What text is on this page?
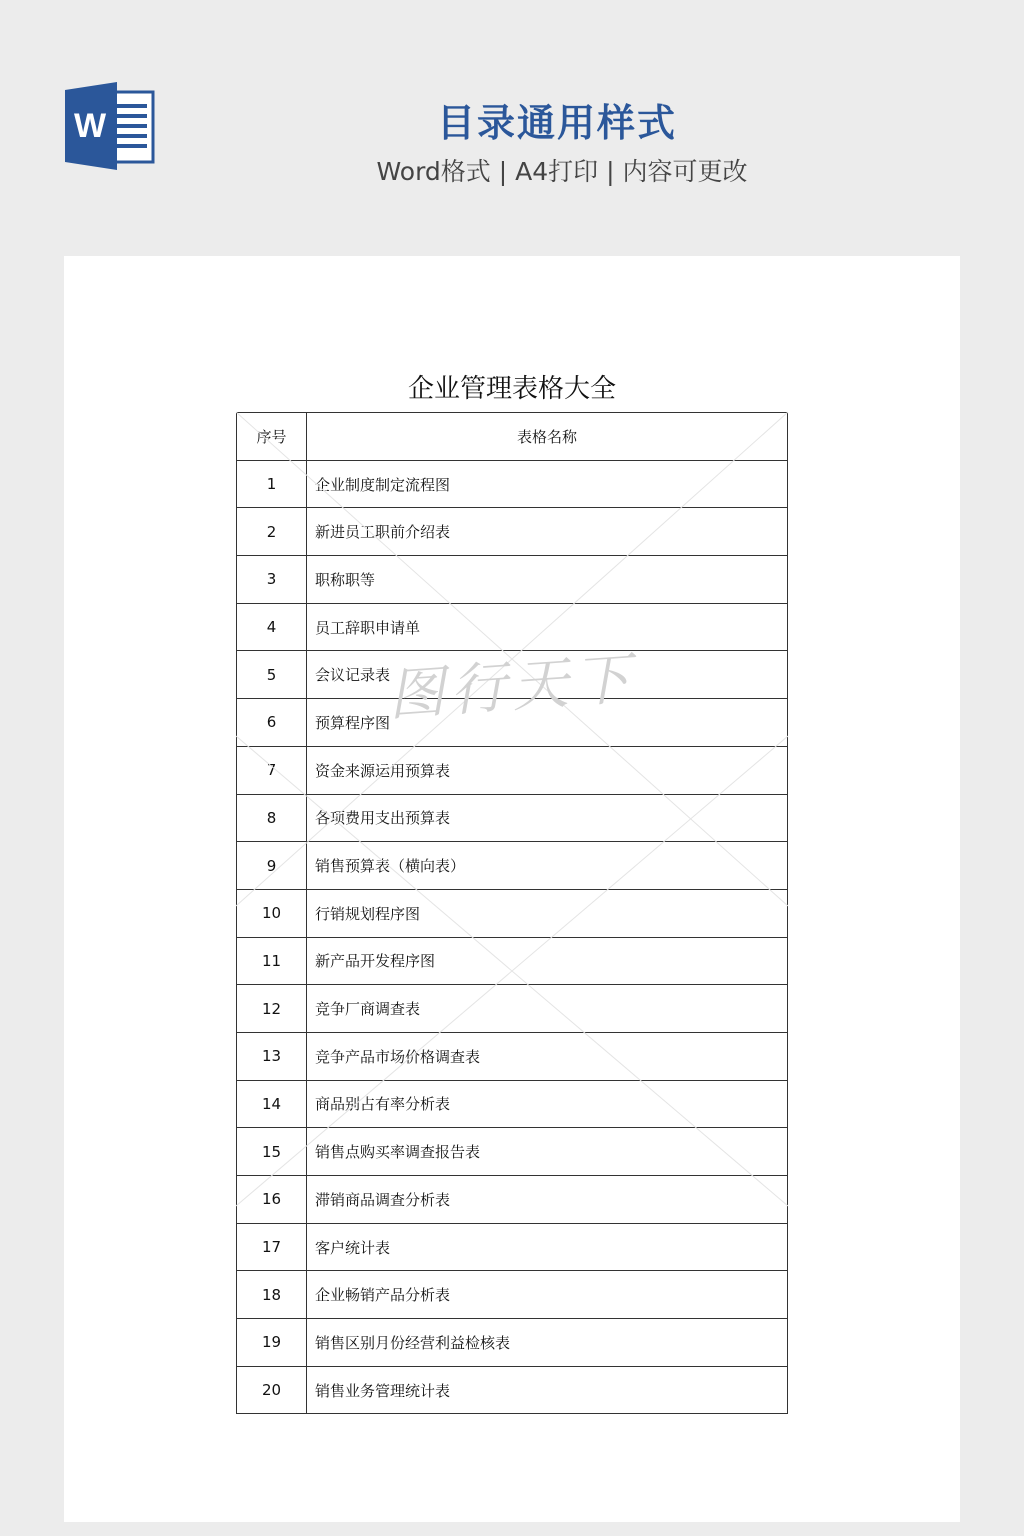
W	目录通用样式
Word格式 | A4打印 | 内容可更改
企业管理表格大全
序号	表格名称
1	企业制度制定流程图
2	新进员工职前介绍表
3	职称职等
4	员工辞职申请单
5	会议记录表
6	预算程序图
7	资金来源运用预算表
8	各项费用支出预算表
9	销售预算表（横向表）
10	行销规划程序图
11	新产品开发程序图
12	竞争厂商调查表
13	竞争产品市场价格调查表
14	商品别占有率分析表
15	销售点购买率调查报告表
16	滞销商品调查分析表
17	客户统计表
18	企业畅销产品分析表
19	销售区别月份经营利益检核表
20	销售业务管理统计表
图行天下
